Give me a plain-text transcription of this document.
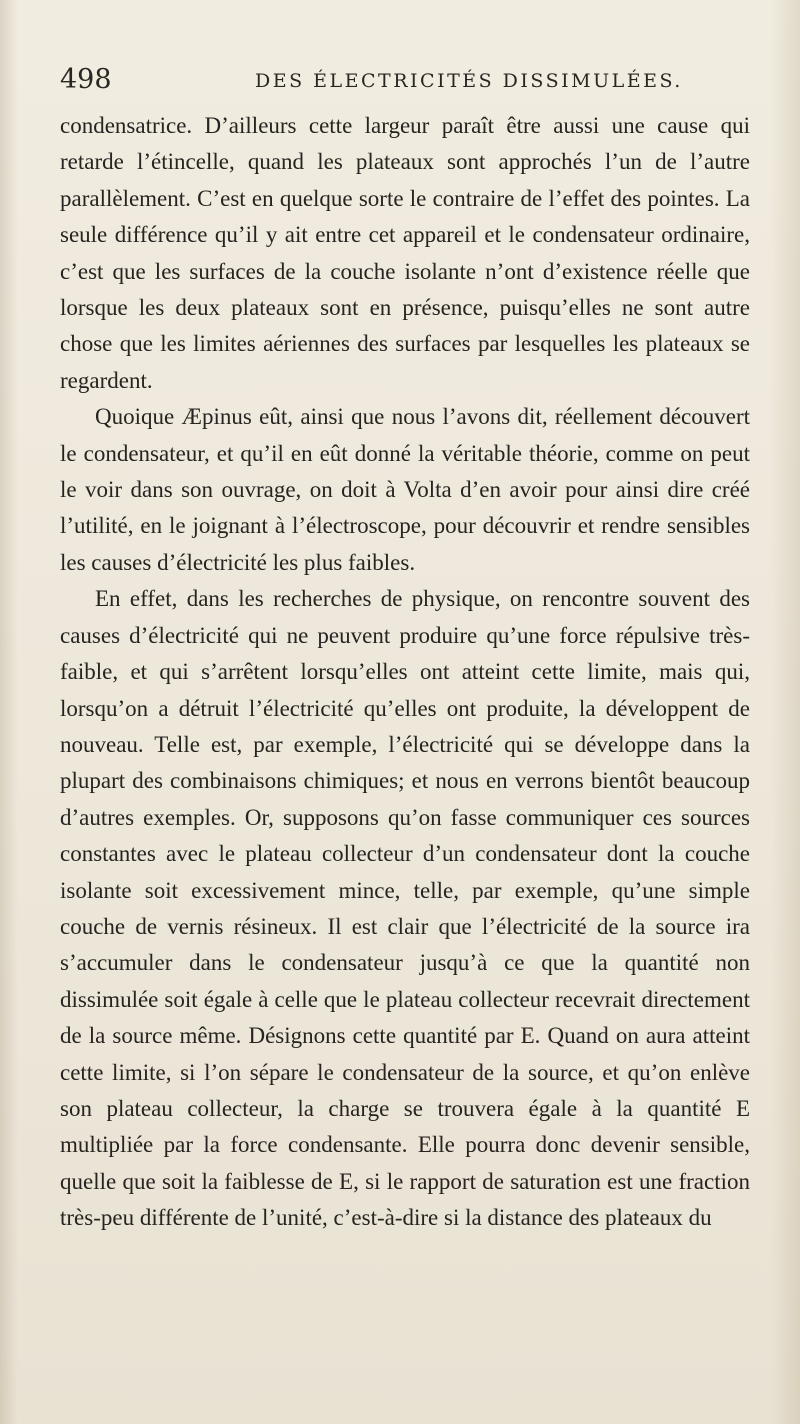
498	DES ÉLECTRICITÉS DISSIMULÉES.

condensatrice. D’ailleurs cette largeur paraît être aussi une cause qui retarde l’étincelle, quand les plateaux sont approchés l’un de l’autre parallèlement. C’est en quelque sorte le contraire de l’effet des pointes. La seule différence qu’il y ait entre cet appareil et le condensateur ordinaire, c’est que les surfaces de la couche isolante n’ont d’existence réelle que lorsque les deux plateaux sont en présence, puisqu’elles ne sont autre chose que les limites aériennes des surfaces par lesquelles les plateaux se regardent.

Quoique Æpinus eût, ainsi que nous l’avons dit, réellement découvert le condensateur, et qu’il en eût donné la véritable théorie, comme on peut le voir dans son ouvrage, on doit à Volta d’en avoir pour ainsi dire créé l’utilité, en le joignant à l’électroscope, pour découvrir et rendre sensibles les causes d’électricité les plus faibles.

En effet, dans les recherches de physique, on rencontre souvent des causes d’électricité qui ne peuvent produire qu’une force répulsive très-faible, et qui s’arrêtent lorsqu’elles ont atteint cette limite, mais qui, lorsqu’on a détruit l’électricité qu’elles ont produite, la développent de nouveau. Telle est, par exemple, l’électricité qui se développe dans la plupart des combinaisons chimiques; et nous en verrons bientôt beaucoup d’autres exemples. Or, supposons qu’on fasse communiquer ces sources constantes avec le plateau collecteur d’un condensateur dont la couche isolante soit excessivement mince, telle, par exemple, qu’une simple couche de vernis résineux. Il est clair que l’électricité de la source ira s’accumuler dans le condensateur jusqu’à ce que la quantité non dissimulée soit égale à celle que le plateau collecteur recevrait directement de la source même. Désignons cette quantité par E. Quand on aura atteint cette limite, si l’on sépare le condensateur de la source, et qu’on enlève son plateau collecteur, la charge se trouvera égale à la quantité E multipliée par la force condensante. Elle pourra donc devenir sensible, quelle que soit la faiblesse de E, si le rapport de saturation est une fraction très-peu différente de l’unité, c’est-à-dire si la distance des plateaux du
